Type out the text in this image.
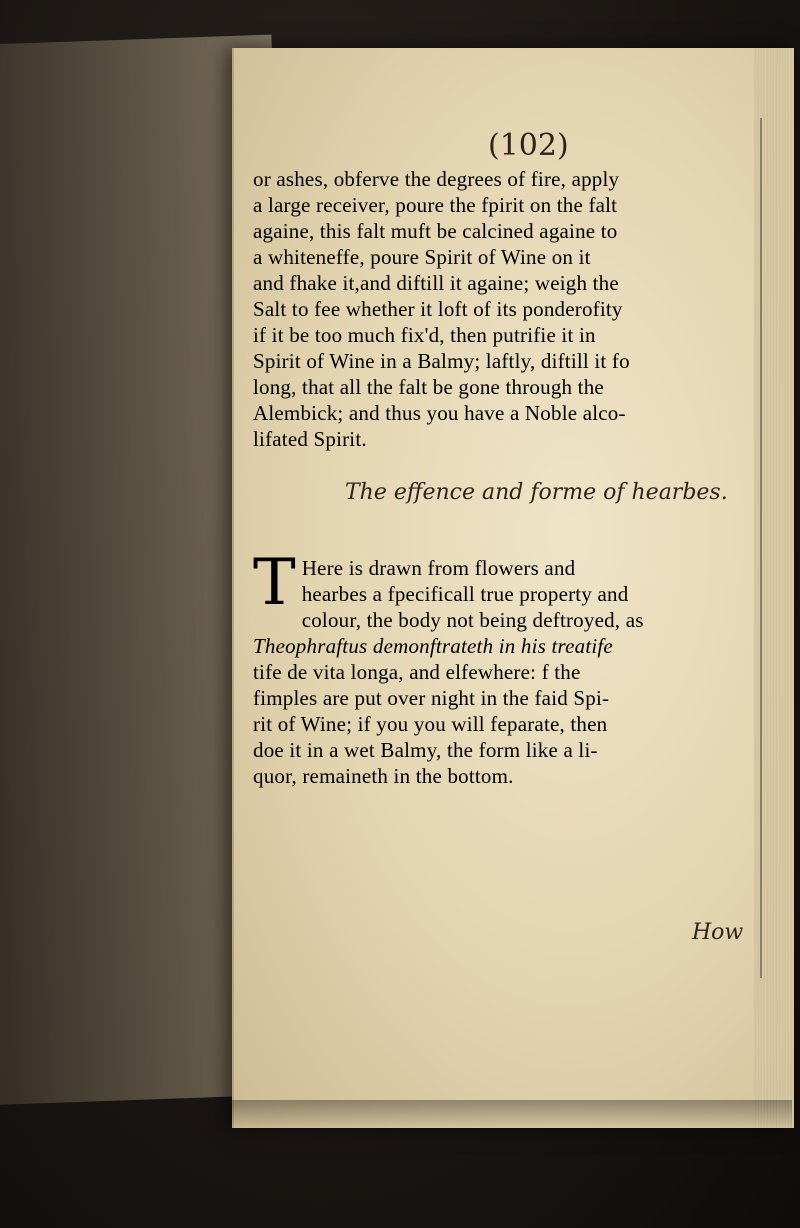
(102)
or ashes, obferve the degrees of fire, apply
a large receiver, poure the fpirit on the falt
againe, this falt muft be calcined againe to
a whiteneffe, poure Spirit of Wine on it
and fhake it,and diftill it againe; weigh the
Salt to fee whether it loft of its ponderofity
if it be too much fix'd, then putrifie it in
Spirit of Wine in a Balmy; laftly, diftill it fo
long, that all the falt be gone through the
Alembick; and thus you have a Noble alco-
lifated Spirit.
The effence and forme of hearbes.
T Here is drawn from flowers and
hearbes a fpecificall true property and
colour, the body not being deftroyed, as
Theophraftus demonftrateth in his treatife
tife de vita longa, and elfewhere: f the
fimples are put over night in the faid Spi-
rit of Wine; if you you will feparate, then
doe it in a wet Balmy, the form like a li-
quor, remaineth in the bottom.
How
